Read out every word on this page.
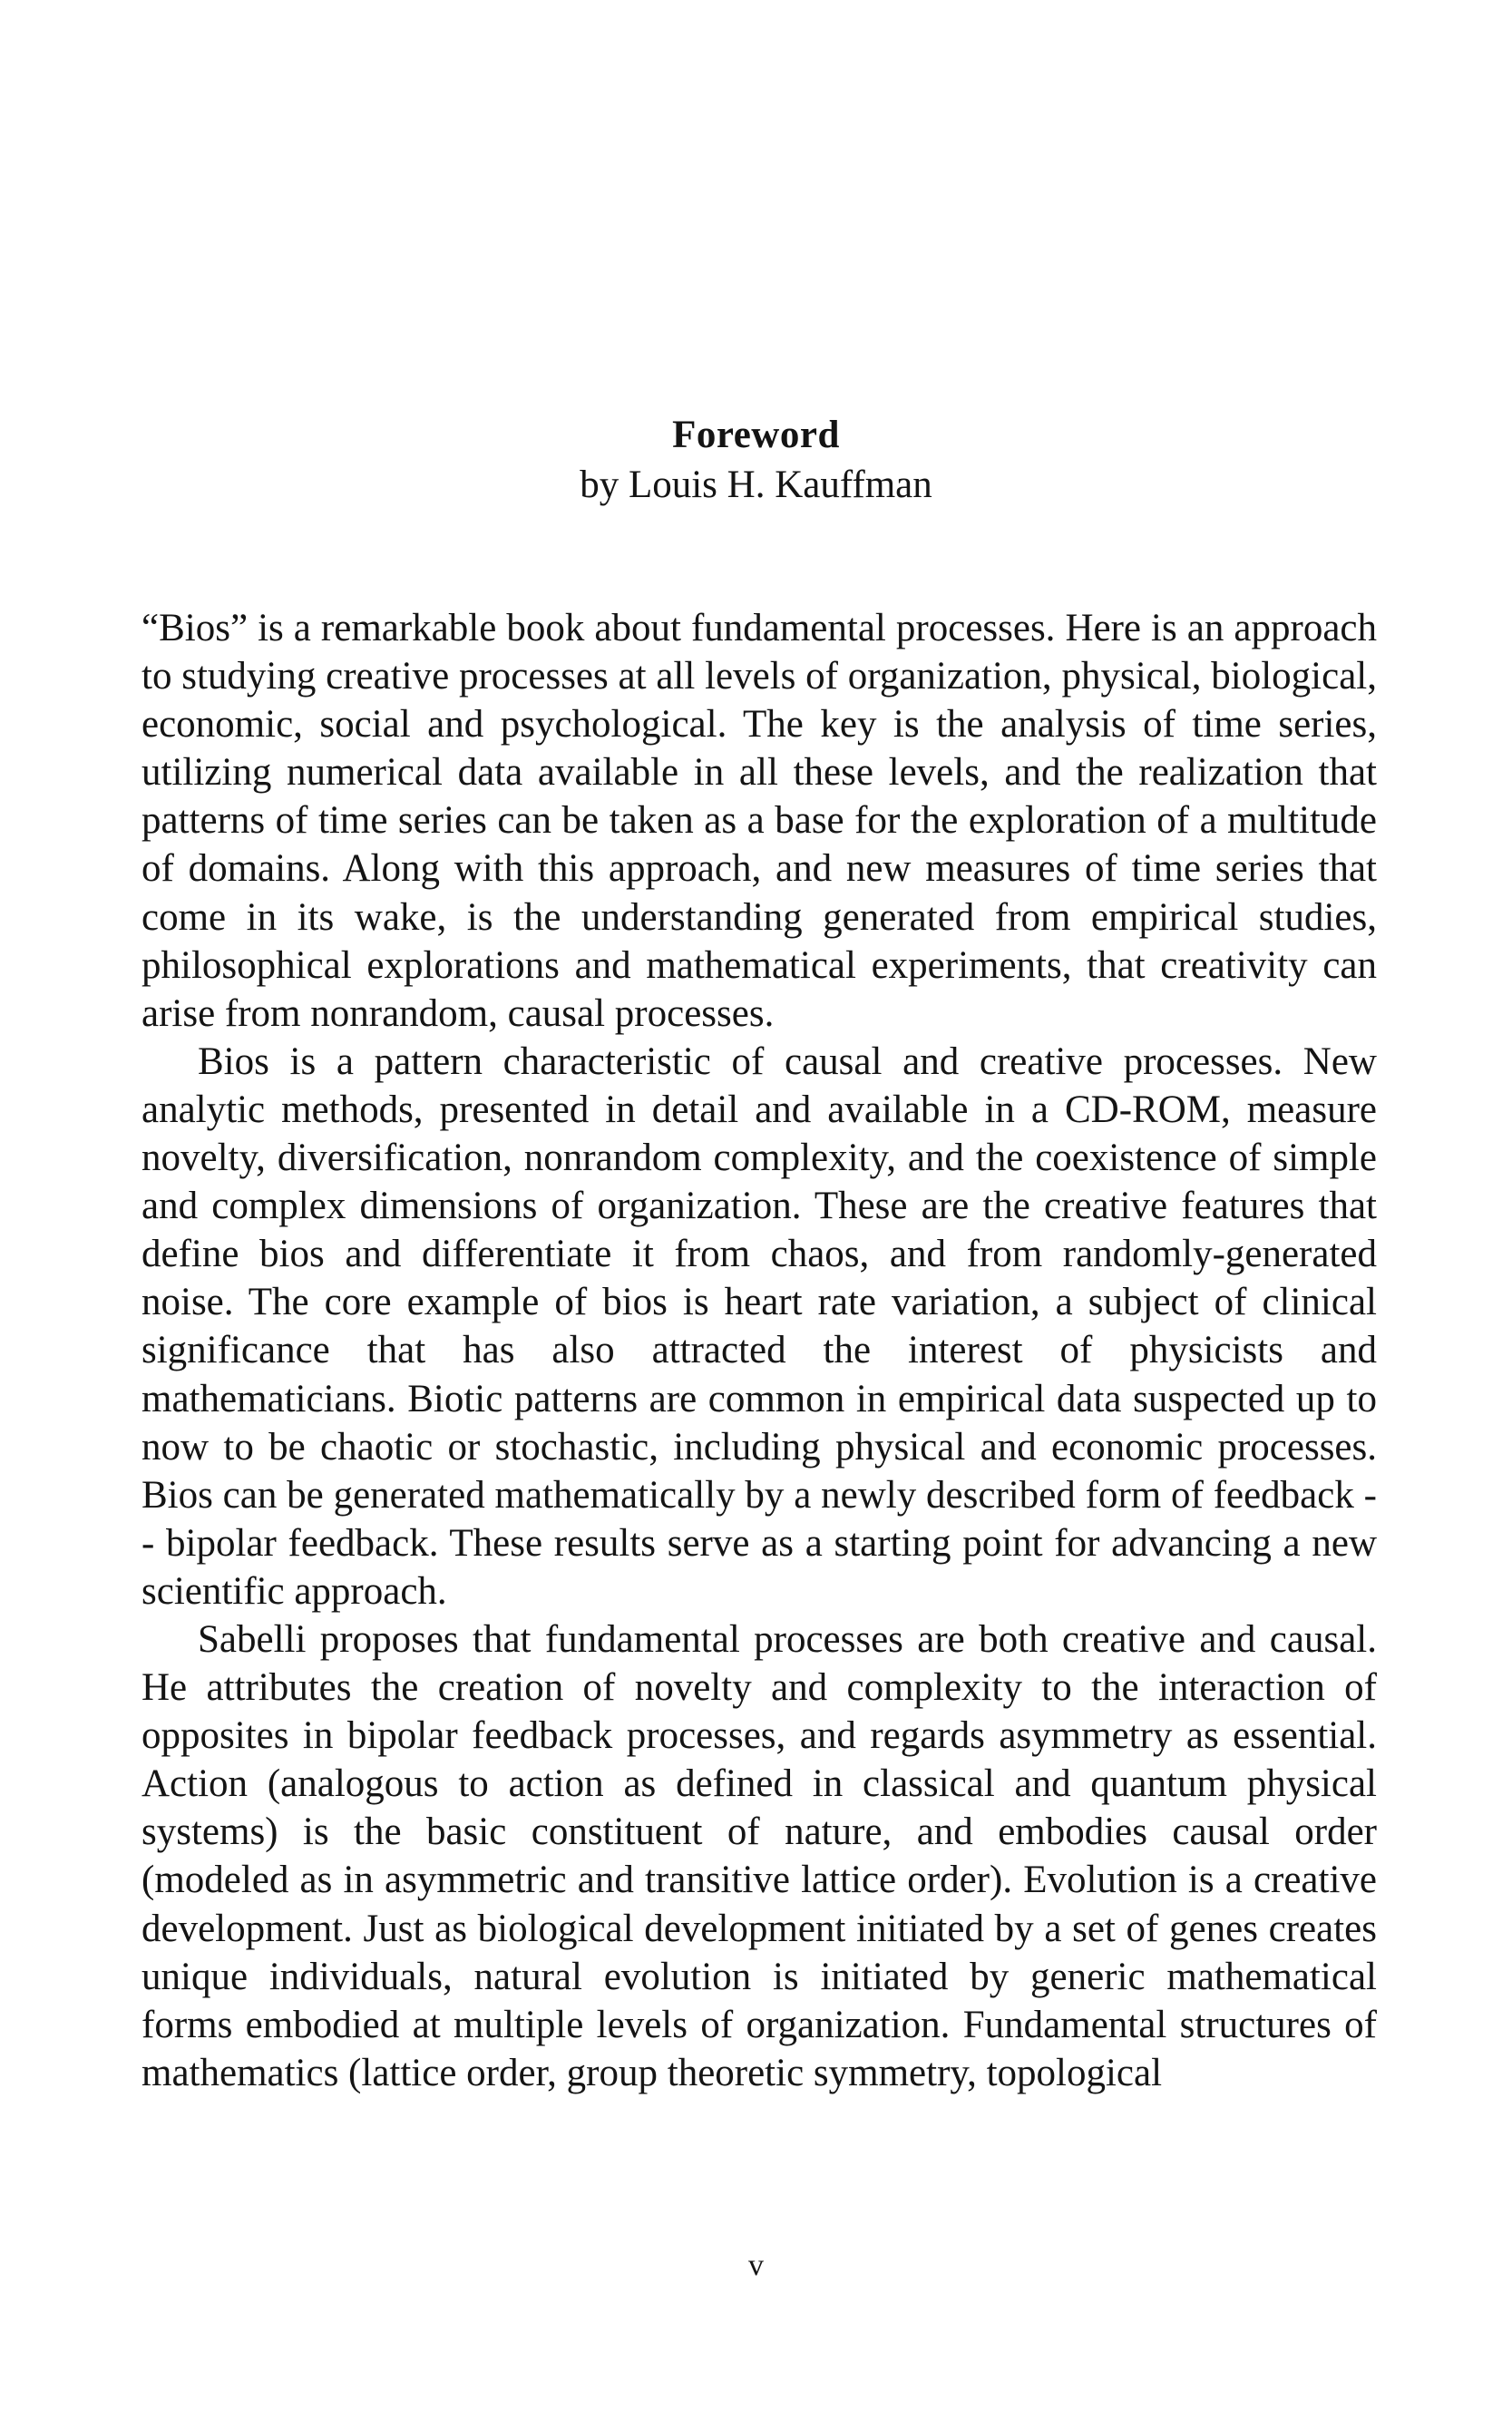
Foreword
by Louis H. Kauffman

“Bios” is a remarkable book about fundamental processes. Here is an approach to studying creative processes at all levels of organization, physical, biological, economic, social and psychological. The key is the analysis of time series, utilizing numerical data available in all these levels, and the realization that patterns of time series can be taken as a base for the exploration of a multitude of domains. Along with this approach, and new measures of time series that come in its wake, is the understanding generated from empirical studies, philosophical explorations and mathematical experiments, that creativity can arise from nonrandom, causal processes.

Bios is a pattern characteristic of causal and creative processes. New analytic methods, presented in detail and available in a CD-ROM, measure novelty, diversification, nonrandom complexity, and the coexistence of simple and complex dimensions of organization. These are the creative features that define bios and differentiate it from chaos, and from randomly-generated noise. The core example of bios is heart rate variation, a subject of clinical significance that has also attracted the interest of physicists and mathematicians. Biotic patterns are common in empirical data suspected up to now to be chaotic or stochastic, including physical and economic processes. Bios can be generated mathematically by a newly described form of feedback -- bipolar feedback. These results serve as a starting point for advancing a new scientific approach.

Sabelli proposes that fundamental processes are both creative and causal. He attributes the creation of novelty and complexity to the interaction of opposites in bipolar feedback processes, and regards asymmetry as essential. Action (analogous to action as defined in classical and quantum physical systems) is the basic constituent of nature, and embodies causal order (modeled as in asymmetric and transitive lattice order). Evolution is a creative development. Just as biological development initiated by a set of genes creates unique individuals, natural evolution is initiated by generic mathematical forms embodied at multiple levels of organization. Fundamental structures of mathematics (lattice order, group theoretic symmetry, topological

v
